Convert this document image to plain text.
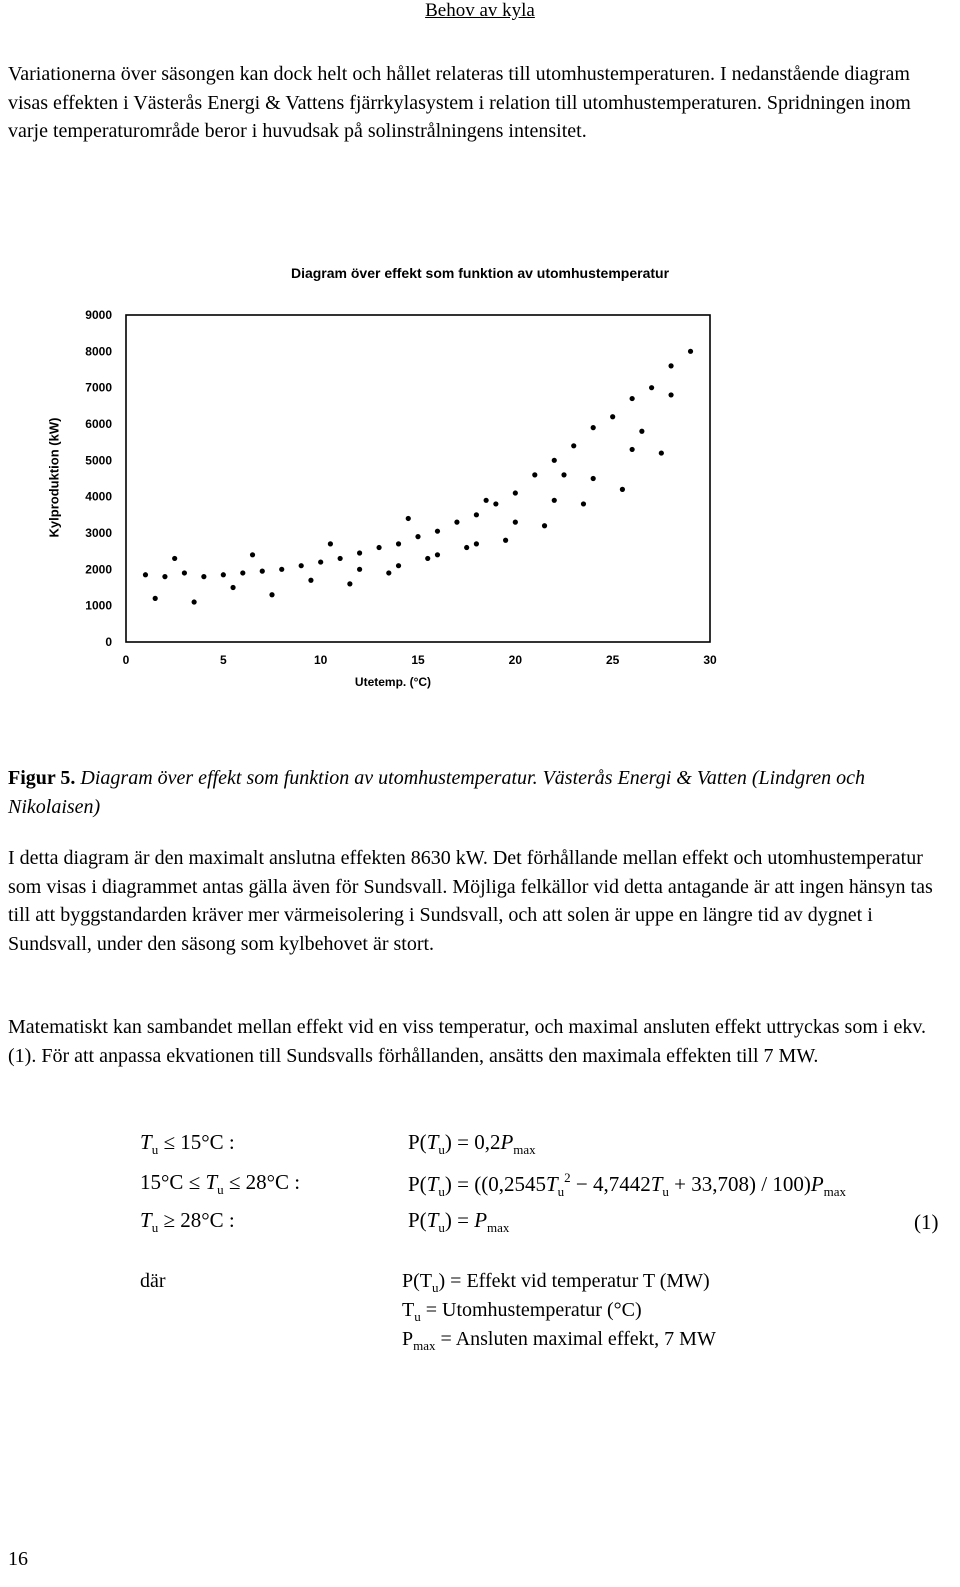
Behov av kyla

Variationerna över säsongen kan dock helt och hållet relateras till utomhustemperaturen. I nedanstående diagram visas effekten i Västerås Energi & Vattens fjärrkylasystem i relation till utomhustemperaturen. Spridningen inom varje temperaturområde beror i huvudsak på solinstrålningens intensitet.

Diagram över effekt som funktion av utomhustemperatur
Kylproduktion (kW)
0
1000
2000
3000
4000
5000
6000
7000
8000
9000
0	5	10	15	20	25	30
Utetemp. (°C)
Figur 5. Diagram över effekt som funktion av utomhustemperatur. Västerås Energi & Vatten (Lindgren och Nikolaisen)

I detta diagram är den maximalt anslutna effekten 8630 kW. Det förhållande mellan effekt och utomhustemperatur som visas i diagrammet antas gälla även för Sundsvall. Möjliga felkällor vid detta antagande är att ingen hänsyn tas till att byggstandarden kräver mer värmeisolering i Sundsvall, och att solen är uppe en längre tid av dygnet i Sundsvall, under den säsong som kylbehovet är stort.

Matematiskt kan sambandet mellan effekt vid en viss temperatur, och maximal ansluten effekt uttryckas som i ekv. (1). För att anpassa ekvationen till Sundsvalls förhållanden, ansätts den maximala effekten till 7 MW.

$T_u \le 15^\circ C$ :	$P(T_u) = 0,2P_{max}$
$15^\circ C \le T_u \le 28^\circ C$ :	$P(T_u) = ((0,2545T_u^2 - 4,7442T_u + 33,708) / 100)P_{max}$
$T_u \ge 28^\circ C$ :	$P(T_u) = P_{max}$	(1)
där	$P(T_u)$ = Effekt vid temperatur T (MW)
$T_u$ = Utomhustemperatur (°C)
$P_{max}$ = Ansluten maximal effekt, 7 MW
16
